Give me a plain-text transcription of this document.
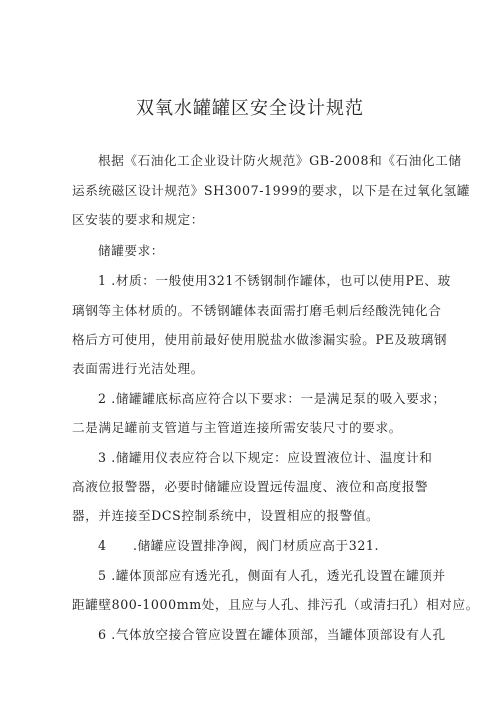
双氧水罐罐区安全设计规范
根据《石油化工企业设计防火规范》GB-2008和《石油化工储
运系统磁区设计规范》SH3007-1999的要求，以下是在过氧化氢罐
区安装的要求和规定：
储罐要求：
1 .材质：一般使用321不锈钢制作罐体，也可以使用PE、玻
璃钢等主体材质的。不锈钢罐体表面需打磨毛刺后经酸洗钝化合
格后方可使用，使用前最好使用脱盐水做渗漏实验。PE及玻璃钢
表面需进行光洁处理。
2 .储罐罐底标高应符合以下要求：一是满足泵的吸入要求；
二是满足罐前支管道与主管道连接所需安装尺寸的要求。
3 .储罐用仪表应符合以下规定：应设置液位计、温度计和
高液位报警器，必要时储罐应设置远传温度、液位和高度报警
器，并连接至DCS控制系统中，设置相应的报警值。
4　　.储罐应设置排净阀，阀门材质应高于321.
5 .罐体顶部应有透光孔，侧面有人孔，透光孔设置在罐顶并
距罐壁800-1000mm处，且应与人孔、排污孔（或清扫孔）相对应。
6 .气体放空接合管应设置在罐体顶部，当罐体顶部设有人孔
